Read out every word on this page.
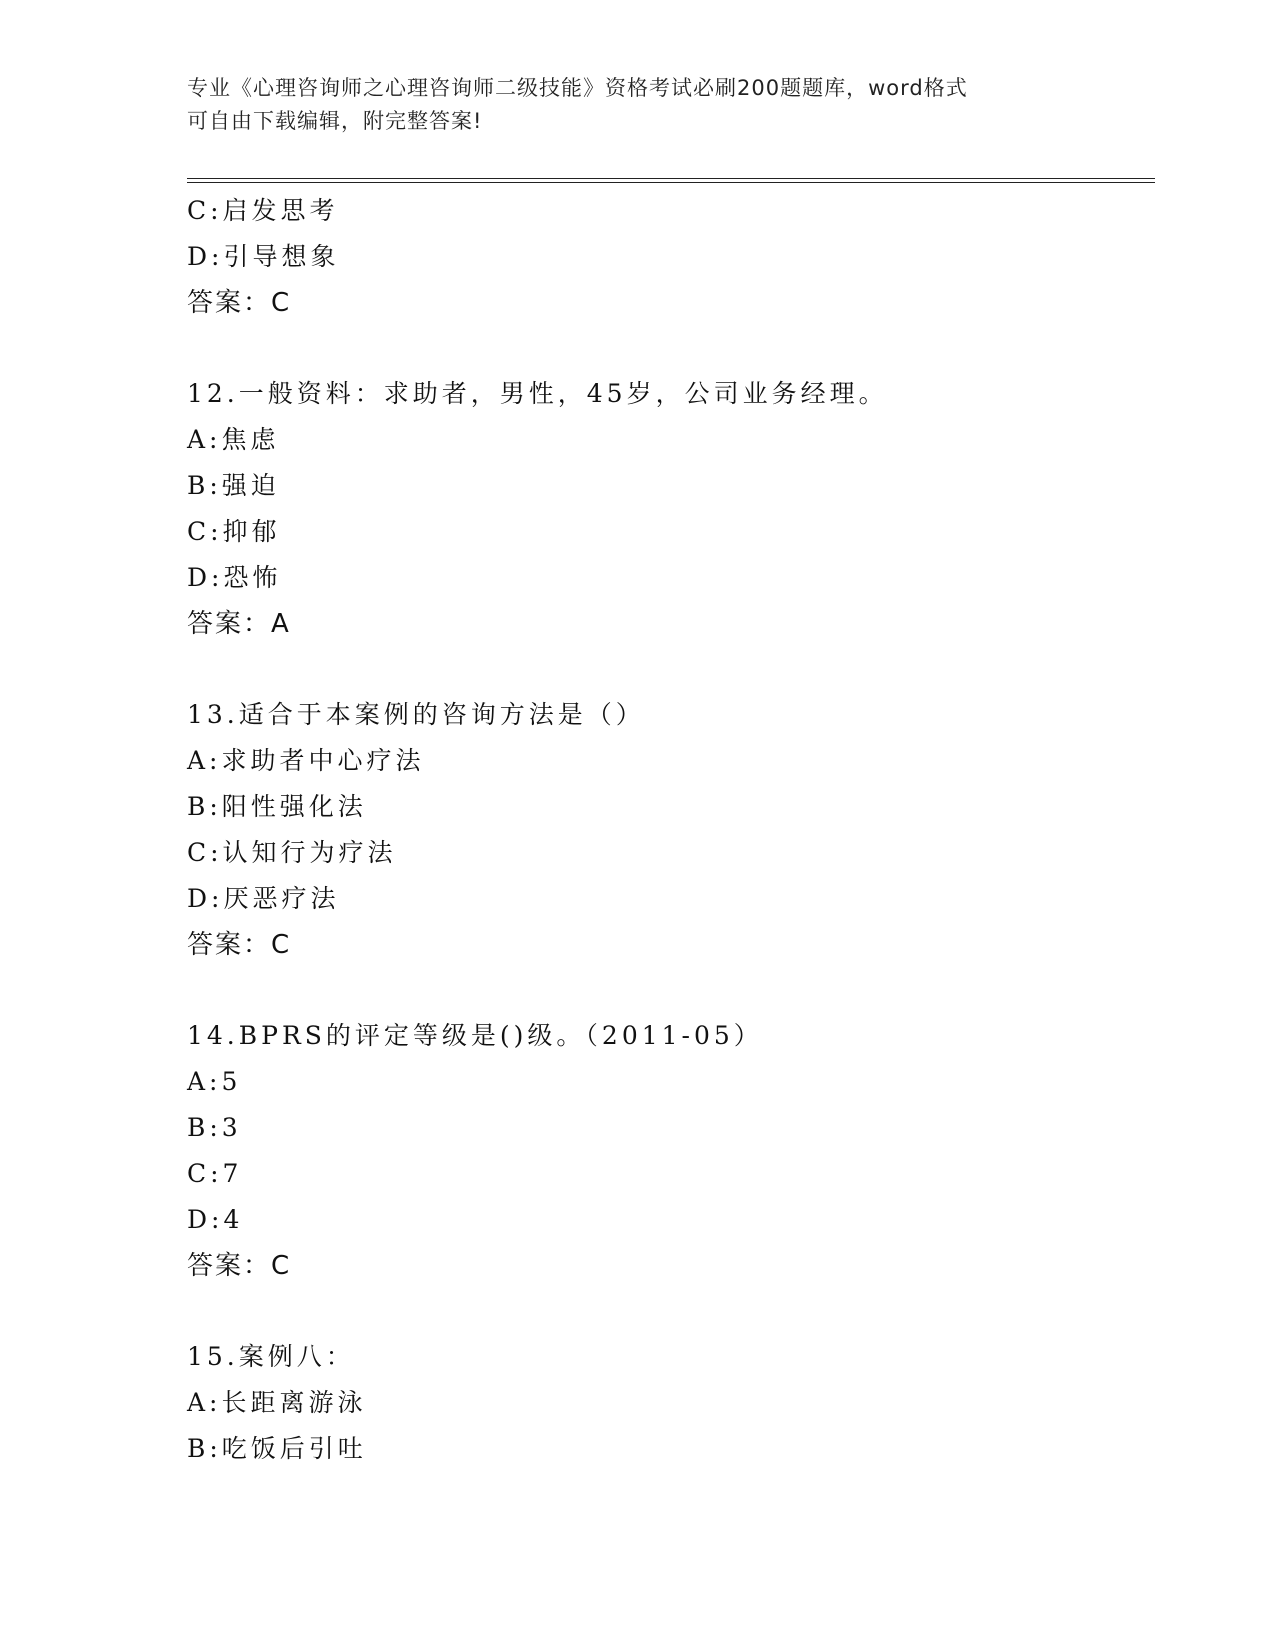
专业《心理咨询师之心理咨询师二级技能》资格考试必刷200题题库，word格式
可自由下载编辑，附完整答案!
C:启发思考
D:引导想象
答案：C
12.一般资料：求助者，男性，45岁，公司业务经理。
A:焦虑
B:强迫
C:抑郁
D:恐怖
答案：A
13.适合于本案例的咨询方法是（）
A:求助者中心疗法
B:阳性强化法
C:认知行为疗法
D:厌恶疗法
答案：C
14.BPRS的评定等级是()级。（2011-05）
A:5
B:3
C:7
D:4
答案：C
15.案例八：
A:长距离游泳
B:吃饭后引吐
